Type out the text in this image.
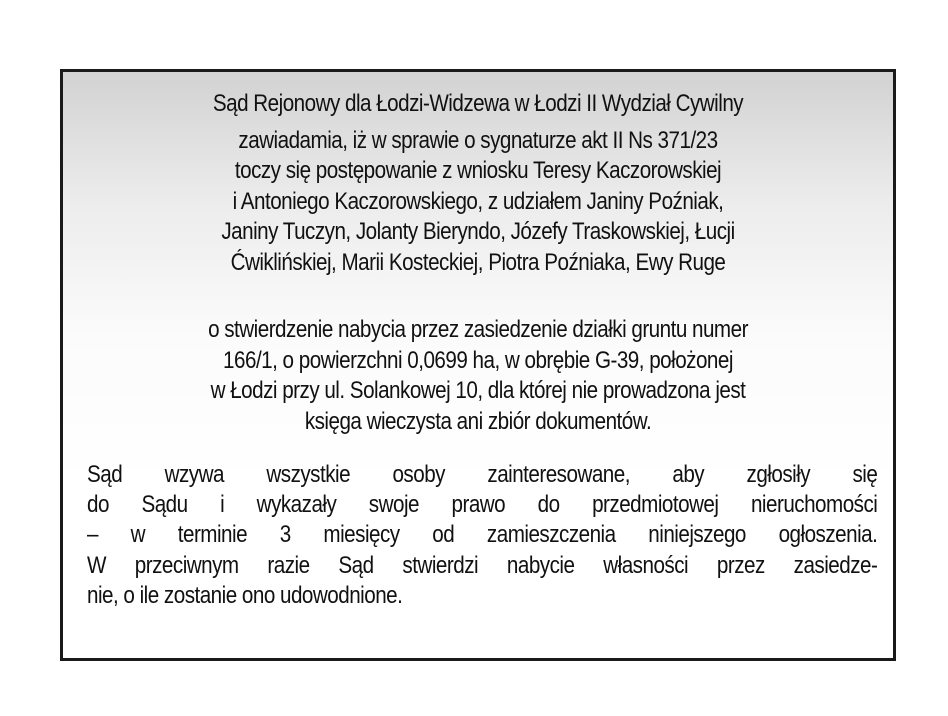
Sąd Rejonowy dla Łodzi-Widzewa w Łodzi II Wydział Cywilny

zawiadamia, iż w sprawie o sygnaturze akt II Ns 371/23

toczy się postępowanie z wniosku Teresy Kaczorowskiej

i Antoniego Kaczorowskiego, z udziałem Janiny Poźniak,

Janiny Tuczyn, Jolanty Bieryndo, Józefy Traskowskiej, Łucji

Ćwiklińskiej, Marii Kosteckiej, Piotra Poźniaka, Ewy Ruge

o stwierdzenie nabycia przez zasiedzenie działki gruntu numer

166/1, o powierzchni 0,0699 ha, w obrębie G-39, położonej

w Łodzi przy ul. Solankowej 10, dla której nie prowadzona jest

księga wieczysta ani zbiór dokumentów.

Sąd wzywa wszystkie osoby zainteresowane, aby zgłosiły się
do Sądu i wykazały swoje prawo do przedmiotowej nieruchomości
– w terminie 3 miesięcy od zamieszczenia niniejszego ogłoszenia.
W przeciwnym razie Sąd stwierdzi nabycie własności przez zasiedze-
nie, o ile zostanie ono udowodnione.
